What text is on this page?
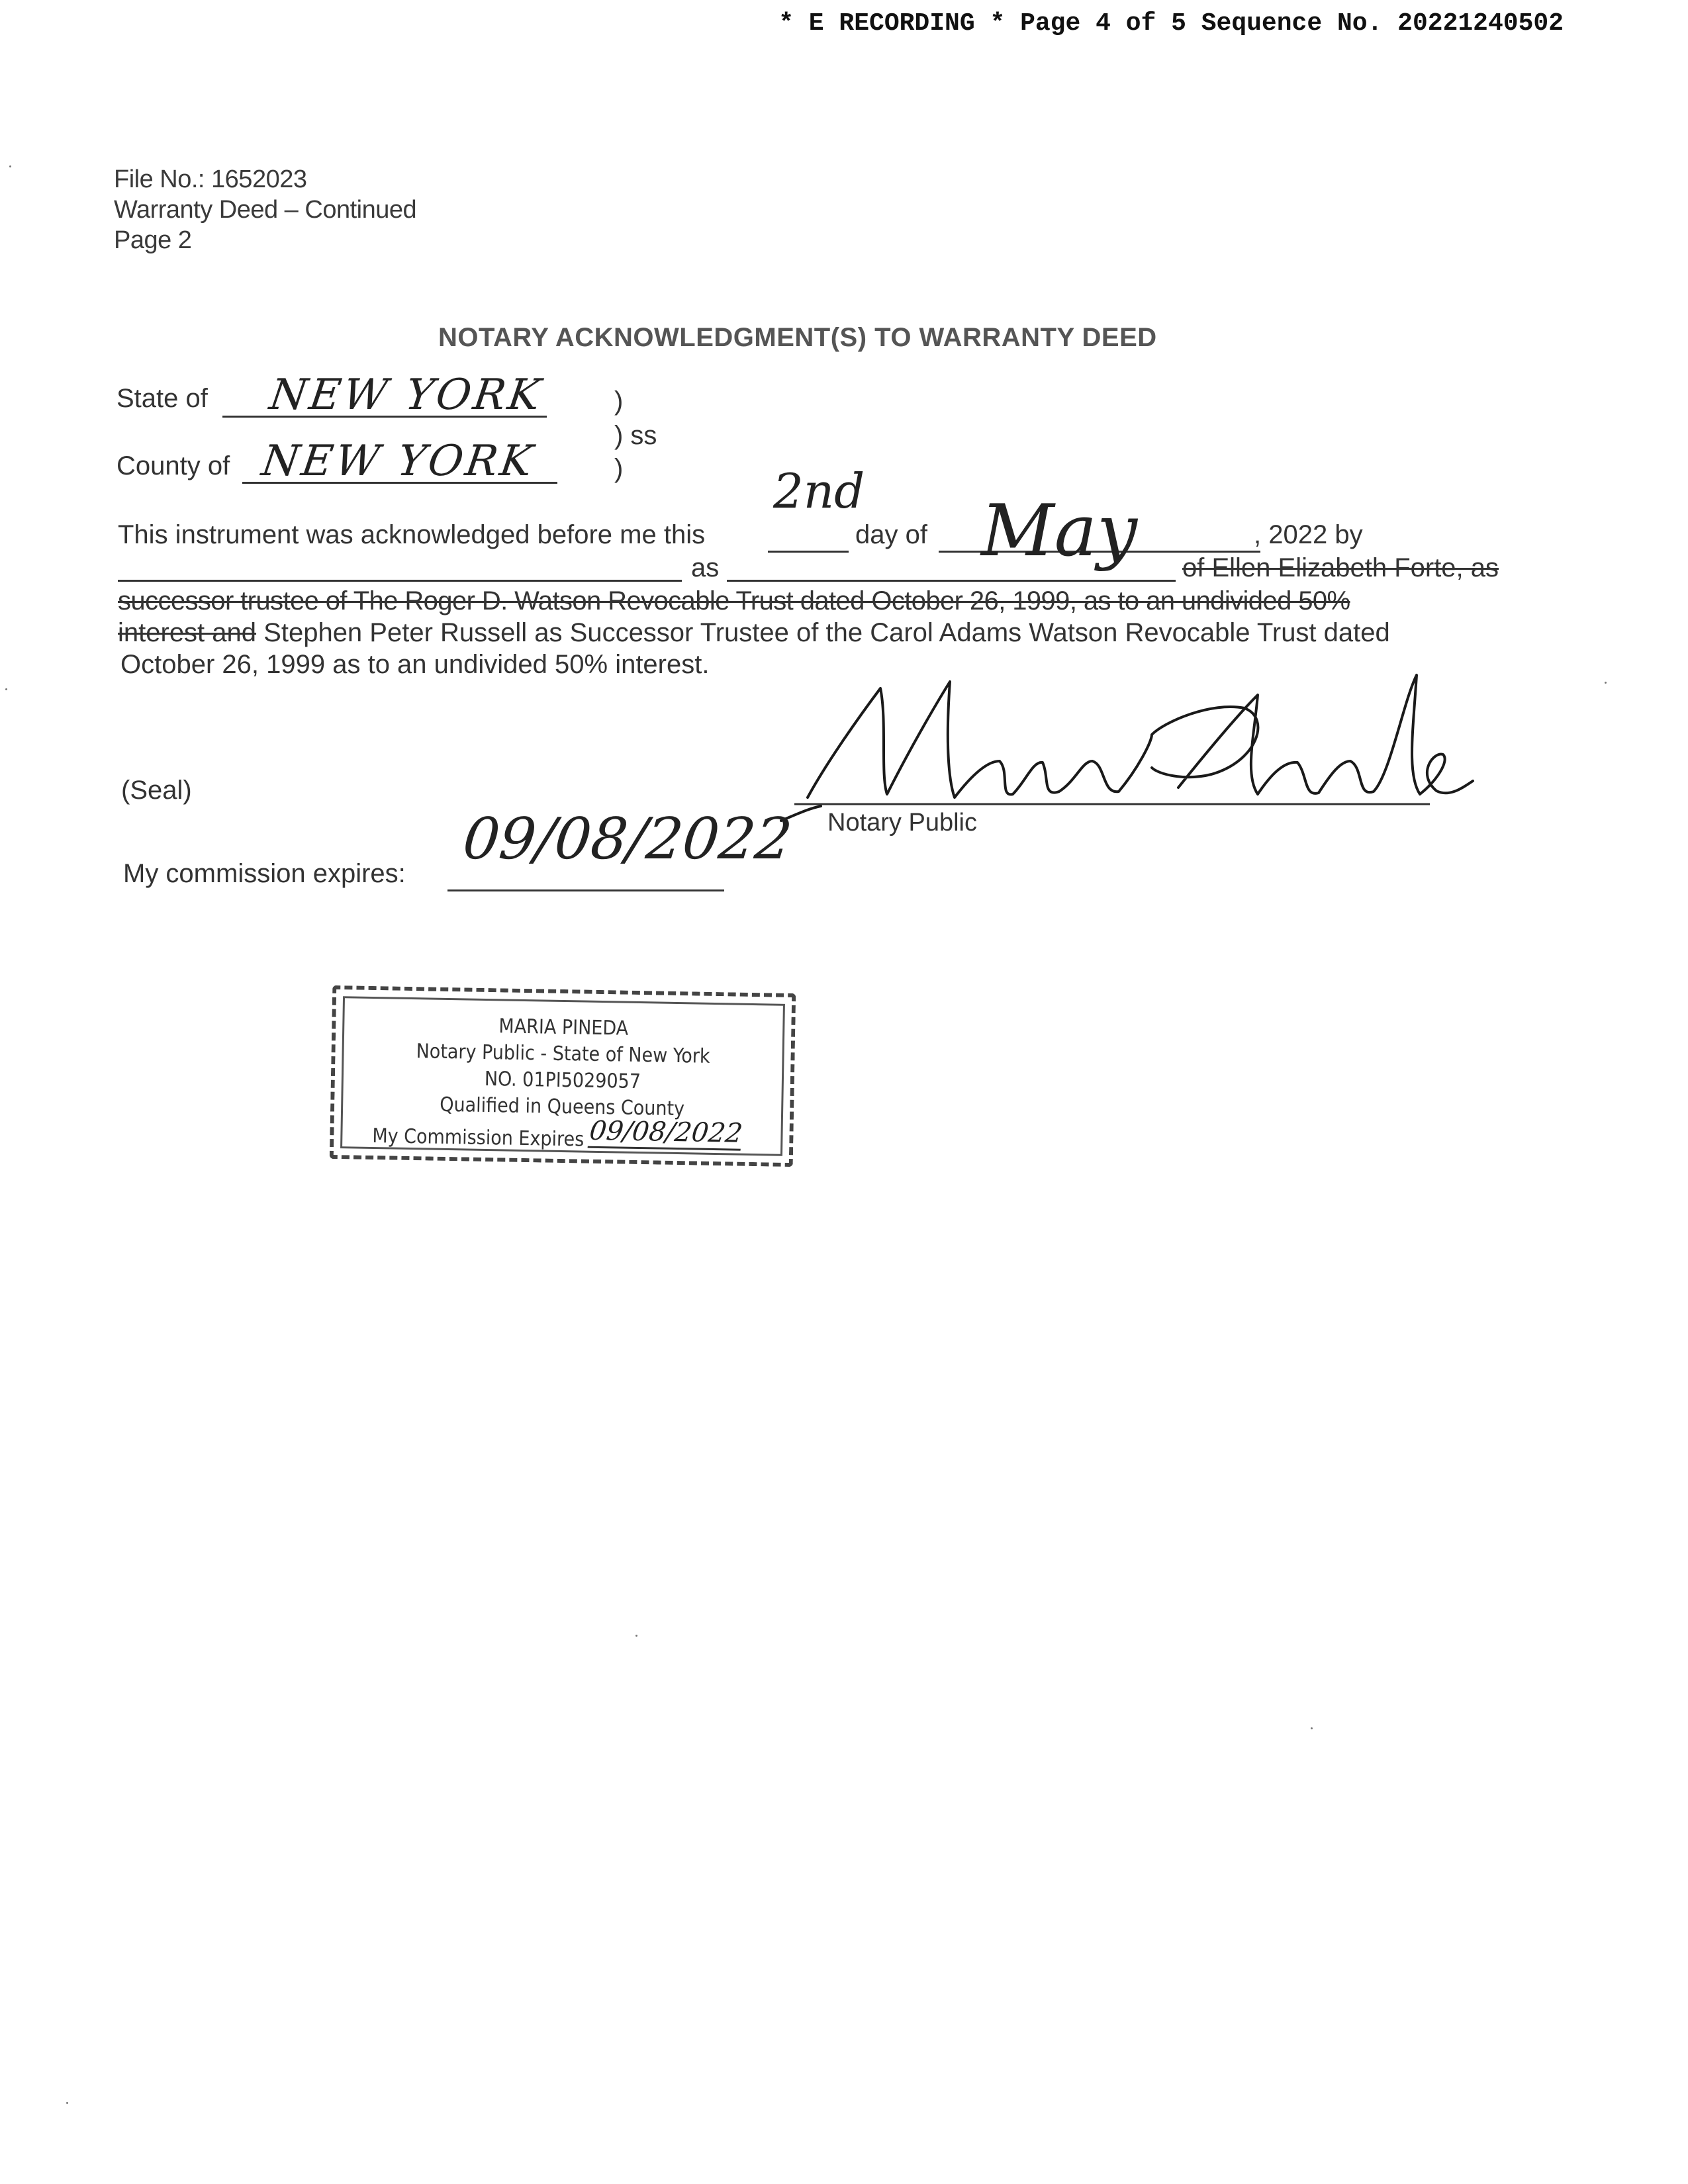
* E RECORDING * Page 4 of 5 Sequence No. 20221240502
File No.: 1652023
Warranty Deed – Continued
Page 2
NOTARY ACKNOWLEDGMENT(S) TO WARRANTY DEED
State of NEW YORK
County of NEW YORK
)
) ss
)
This instrument was acknowledged before me this
2nd
day of May	, 2022 by
as	of Ellen Elizabeth Forte, as
successor trustee of The Roger D. Watson Revocable Trust dated October 26, 1999, as to an undivided 50%
interest and Stephen Peter Russell as Successor Trustee of the Carol Adams Watson Revocable Trust dated
October 26, 1999 as to an undivided 50% interest.
Notary Public
(Seal)
My commission expires:
09/08/2022
MARIA PINEDA
Notary Public - State of New York
NO. 01PI5029057
Qualified in Queens County
My Commission Expires 09/08/2022
